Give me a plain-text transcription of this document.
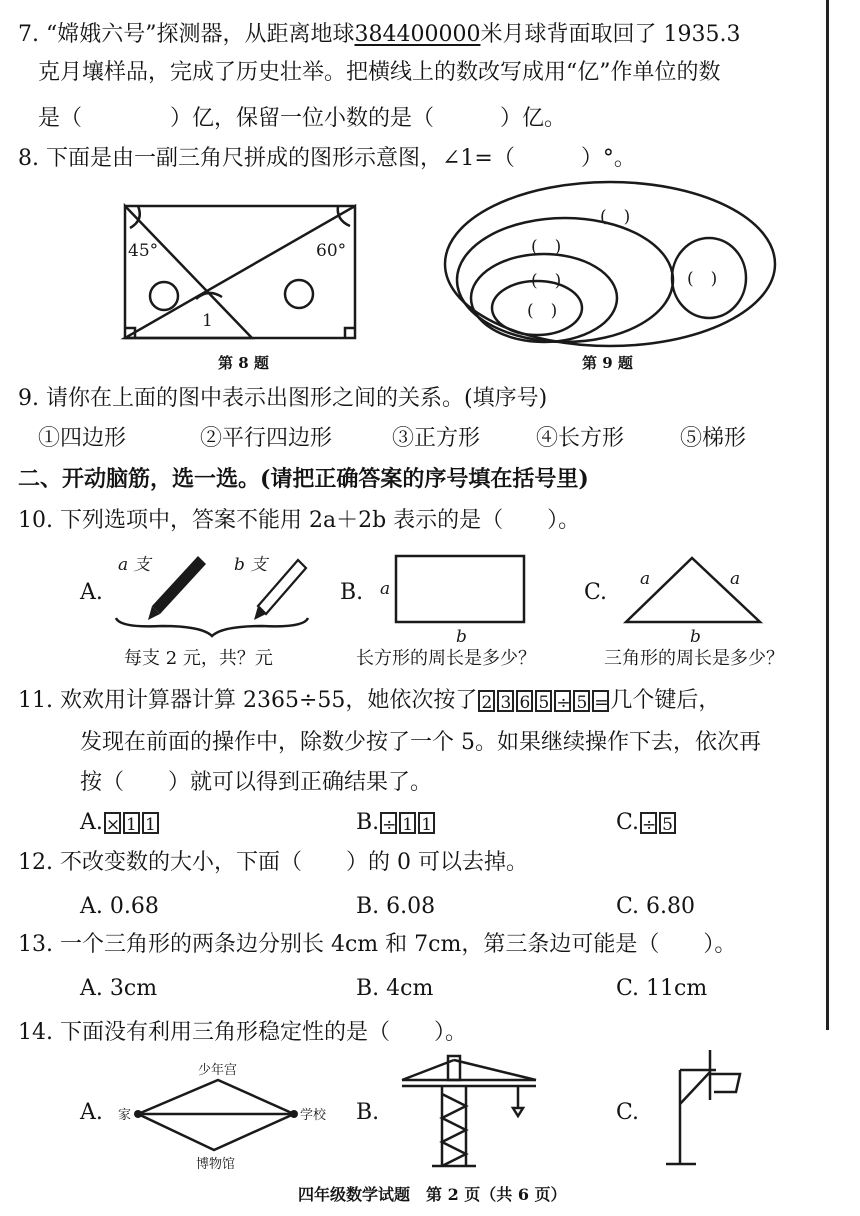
7. “嫦娥六号”探测器，从距离地球384400000米月球背面取回了 1935.3
克月壤样品，完成了历史壮举。把横线上的数改写成用“亿”作单位的数
是（　　　　）亿，保留一位小数的是（　　　）亿。
8. 下面是由一副三角尺拼成的图形示意图，∠1=（　　　）°。
45°	60°
1
第 8 题
(　)
(　)
(　)
(　)
(　)
第 9 题
9. 请你在上面的图中表示出图形之间的关系。(填序号)
①四边形	②平行四边形	③正方形	④长方形	⑤梯形
二、开动脑筋，选一选。(请把正确答案的序号填在括号里)
10. 下列选项中，答案不能用 2a＋2b 表示的是（　　）。
A.
a 支	b 支
每支 2 元，共？元
B. a
b
长方形的周长是多少？
C.
a	a
b
三角形的周长是多少？
11. 欢欢用计算器计算 2365÷55，她依次按了 2 3 6 5 ÷ 5 =几个键后，
发现在前面的操作中，除数少按了一个 5。如果继续操作下去，依次再
按（　　）就可以得到正确结果了。
A. × 1 1	B. ÷ 1 1	C. ÷ 5
12. 不改变数的大小，下面（　　）的 0 可以去掉。
A. 0.68	B. 6.08	C. 6.80
13. 一个三角形的两条边分别长 4cm 和 7cm，第三条边可能是（　　）。
A. 3cm	B. 4cm	C. 11cm
14. 下面没有利用三角形稳定性的是（　　）。
A.
少年宫
家	学校
博物馆
B.	C.
四年级数学试题　第 2 页（共 6 页）
